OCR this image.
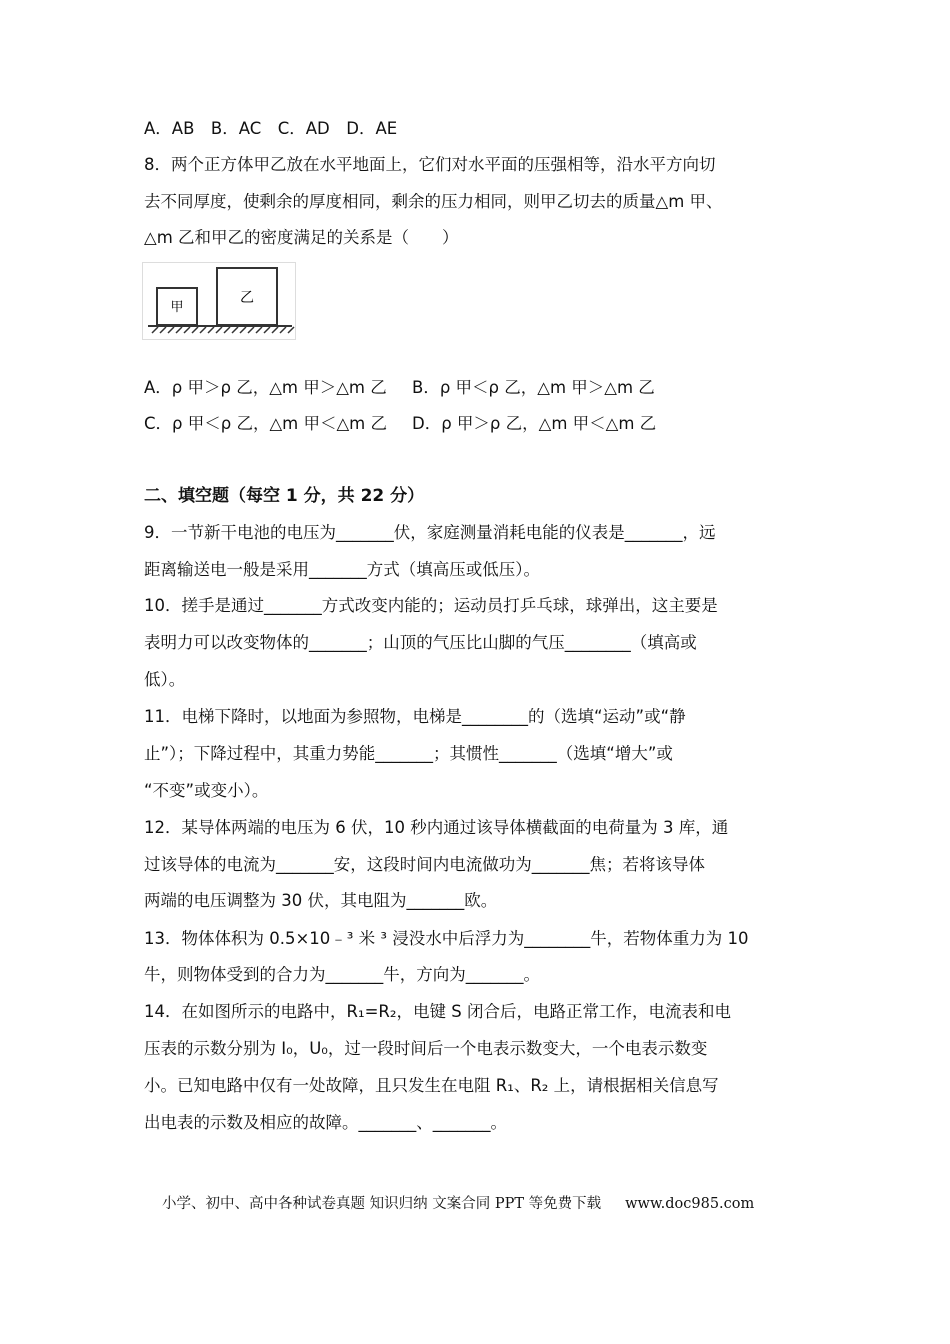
A．AB　B．AC　C．AD　D．AE
8．两个正方体甲乙放在水平地面上，它们对水平面的压强相等，沿水平方向切
去不同厚度，使剩余的厚度相同，剩余的压力相同，则甲乙切去的质量△m 甲、
△m 乙和甲乙的密度满足的关系是（　　）
甲
乙
A．ρ 甲＞ρ 乙，△m 甲＞△m 乙 B．ρ 甲＜ρ 乙，△m 甲＞△m 乙
C．ρ 甲＜ρ 乙，△m 甲＜△m 乙 D．ρ 甲＞ρ 乙，△m 甲＜△m 乙
二、填空题（每空 1 分，共 22 分）
9．一节新干电池的电压为_______伏，家庭测量消耗电能的仪表是_______，远
距离输送电一般是采用_______方式（填高压或低压）。
10．搓手是通过_______方式改变内能的；运动员打乒乓球，球弹出，这主要是
表明力可以改变物体的_______；山顶的气压比山脚的气压________（填高或
低）。
11．电梯下降时，以地面为参照物，电梯是________的（选填“运动”或“静
止”）；下降过程中，其重力势能_______；其惯性_______（选填“增大”或
“不变”或变小）。
12．某导体两端的电压为 6 伏，10 秒内通过该导体横截面的电荷量为 3 库，通
过该导体的电流为_______安，这段时间内电流做功为_______焦；若将该导体
两端的电压调整为 30 伏，其电阻为_______欧。
13．物体体积为 0.5×10﹣³ 米 ³ 浸没水中后浮力为________牛，若物体重力为 10
牛，则物体受到的合力为_______牛，方向为_______。
14．在如图所示的电路中，R₁=R₂，电键 S 闭合后，电路正常工作，电流表和电
压表的示数分别为 I₀，U₀，过一段时间后一个电表示数变大，一个电表示数变
小。已知电路中仅有一处故障，且只发生在电阻 R₁、R₂ 上，请根据相关信息写
出电表的示数及相应的故障。_______、_______。
小学、初中、高中各种试卷真题 知识归纳 文案合同 PPT 等免费下载 www.doc985.com
